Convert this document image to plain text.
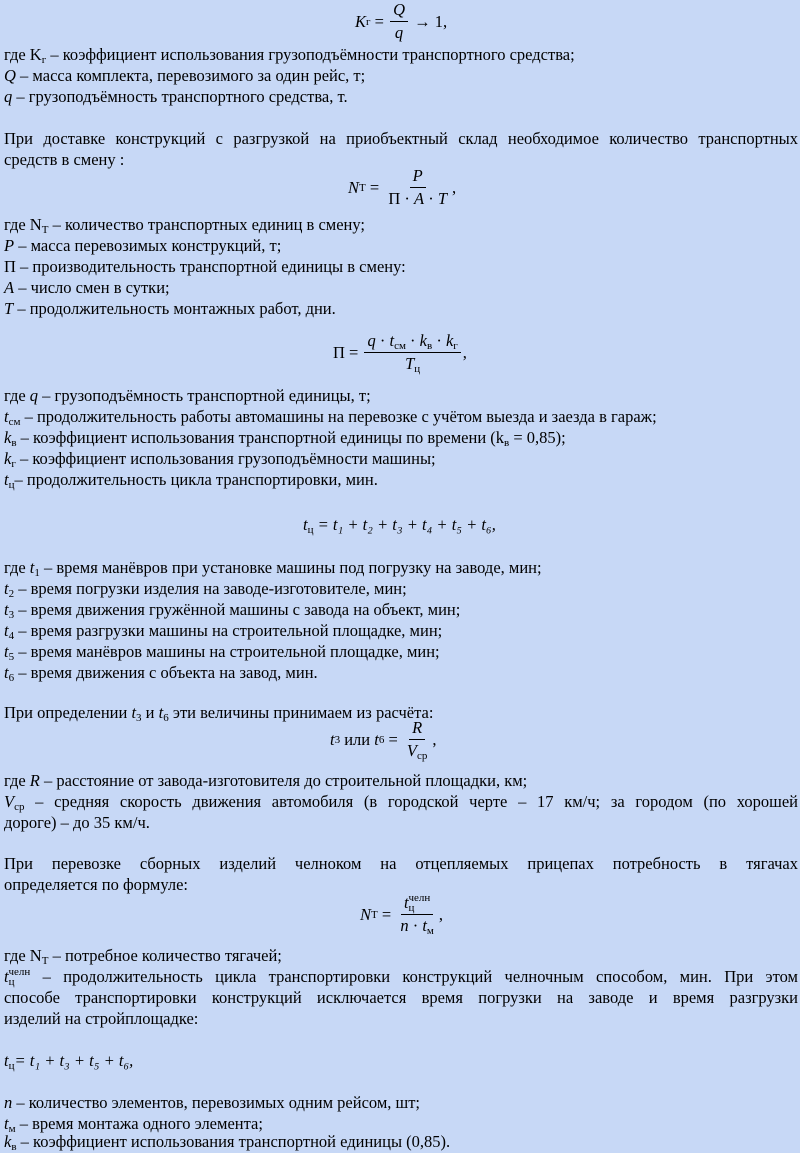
K $г = \frac{Q}{q} \to 1$,
где $K_г$ – коэффициент использования грузоподъёмности транспортного средства;
Q – масса комплекта, перевозимого за один рейс, т;
q – грузоподъёмность транспортного средства, т.
При доставке конструкций с разгрузкой на приобъектный склад необходимое количество транспортных
средств в смену :
N $Т = \frac{P}{П \cdot A \cdot T}$ ,
где $N_Т$ – количество транспортных единиц в смену;
P – масса перевозимых конструкций, т;
П – производительность транспортной единицы в смену:
A – число смен в сутки;
T – продолжительность монтажных работ, дни.
$П = \frac{q \cdot t_{см} \cdot k_в \cdot k_г}{T_ц}$ ,
где q – грузоподъёмность транспортной единицы, т;
$t_{см}$ – продолжительность работы автомашины на перевозке с учётом выезда и заезда в гараж;
$k_в$ – коэффициент использования транспортной единицы по времени $(k_в = 0,85)$;
$k_г$ – коэффициент использования грузоподъёмности машины;
$t_ц-$ продолжительность цикла транспортировки, мин.
$t_ц = t_1 + t_2 + t_3 + t_4 + t_5 + t_6$,
где $t_1$ – время манёвров при установке машины под погрузку на заводе, мин;
$t_2$ – время погрузки изделия на заводе-изготовителе, мин;
$t_3$ – время движения гружённой машины с завода на объект, мин;
$t_4$ – время разгрузки машины на строительной площадке, мин;
$t_5$ – время манёвров машины на строительной площадке, мин;
$t_6$ – время движения с объекта на завод, мин.
При определении $t_3$ и $t_6$ эти величины принимаем из расчёта:
t 3 или t $6 = \frac{R}{V_{ср}}$ ,
где R – расстояние от завода-изготовителя до строительной площадки, км;
$V_{ср}$ – средняя скорость движения автомобиля (в городской черте – 17 км/ч; за городом (по хорошей
дороге) – до 35 км/ч.
При перевозке сборных изделий челноком на отцепляемых прицепах потребность в тягачах
определяется по формуле:
N $Т = \frac{t_ц^{челн}}{n \cdot t_м}$ ,
где $N_Т$ – потребное количество тягачей;
$t_ц^{челн}$ – продолжительность цикла транспортировки конструкций челночным способом, мин. При этом
способе транспортировки конструкций исключается время погрузки на заводе и время разгрузки
изделий на стройплощадке:
$t_ц= t_1 + t_3 + t_5 + t_6$,
n – количество элементов, перевозимых одним рейсом, шт;
$t_м$ – время монтажа одного элемента;
$k_в$ – коэффициент использования транспортной единицы (0,85).
